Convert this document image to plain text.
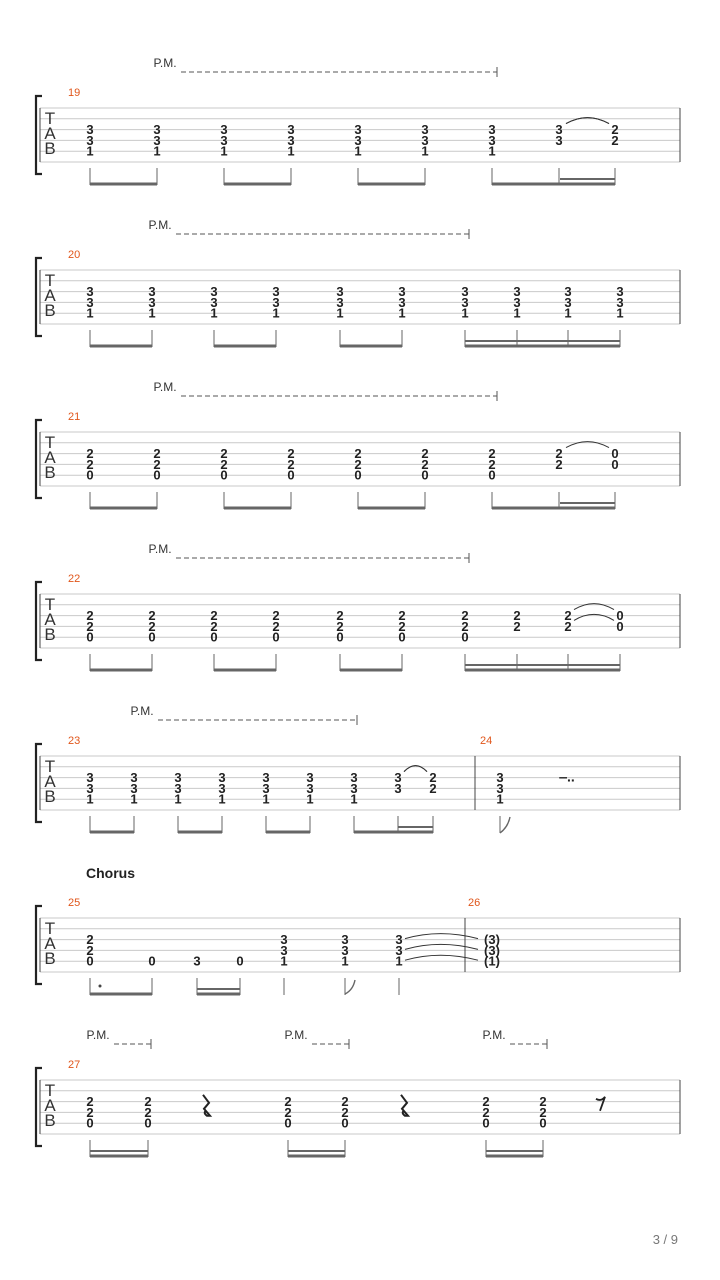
T
A
B
P.M.
19
3
3
1
3
3
1
3
3
1
3
3
1
3
3
1
3
3
1
3
3
1
3
3
2
2
T
A
B
P.M.
20
3
3
1
3
3
1
3
3
1
3
3
1
3
3
1
3
3
1
3
3
1
3
3
1
3
3
1
3
3
1
T
A
B
P.M.
21
2
2
0
2
2
0
2
2
0
2
2
0
2
2
0
2
2
0
2
2
0
2
2
0
0
T
A
B
P.M.
22
2
2
0
2
2
0
2
2
0
2
2
0
2
2
0
2
2
0
2
2
0
2
2
2
2
0
0
T
A
B
P.M.
23
3
3
1
3
3
1
3
3
1
3
3
1
3
3
1
3
3
1
3
3
1
3
3
2
2
24
3
3
1
‒..
T
A
B
Chorus
25
2
2
0	0	3	0
3
3
1
3
3
1
3
3
1
26
(3)
(3)
(1)
T
A
B
P.M.	P.M.	P.M.
27
2
2
0
2
2
0
2
2
0
2
2
0
2
2
0
2
2
0
3 / 9
